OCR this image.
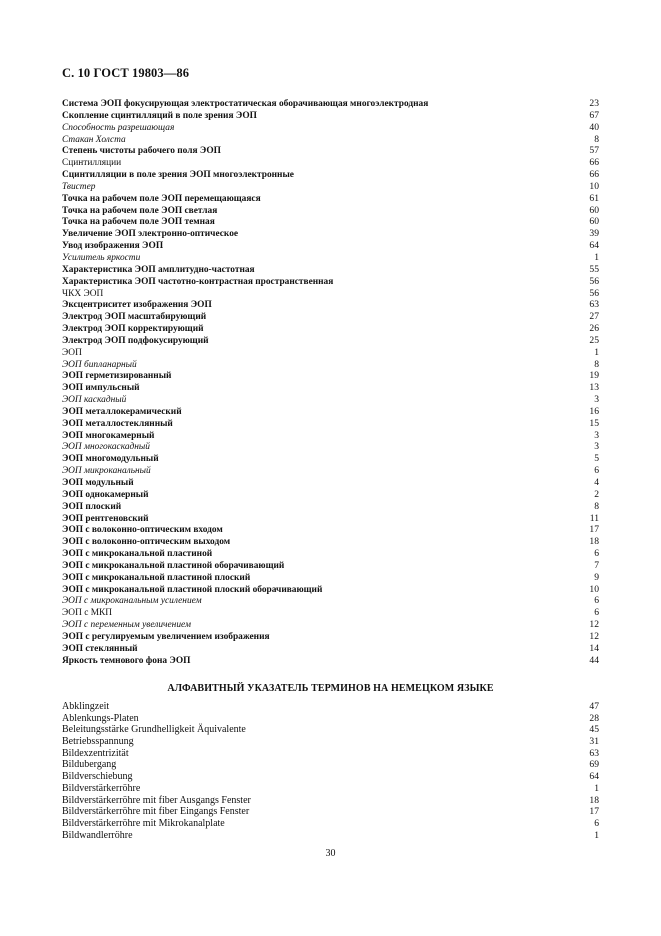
С. 10 ГОСТ 19803—86
Система ЭОП фокусирующая электростатическая оборачивающая многоэлектродная	23
Скопление сцинтилляций в поле зрения ЭОП	67
Способность разрешающая	40
Стакан Холста	8
Степень чистоты рабочего поля ЭОП	57
Сцинтилляции	66
Сцинтилляции в поле зрения ЭОП многоэлектронные	66
Твистер	10
Точка на рабочем поле ЭОП перемещающаяся	61
Точка на рабочем поле ЭОП светлая	60
Точка на рабочем поле ЭОП темная	60
Увеличение ЭОП электронно-оптическое	39
Увод изображения ЭОП	64
Усилитель яркости	1
Характеристика ЭОП амплитудно-частотная	55
Характеристика ЭОП частотно-контрастная пространственная	56
ЧКХ ЭОП	56
Эксцентриситет изображения ЭОП	63
Электрод ЭОП масштабирующий	27
Электрод ЭОП корректирующий	26
Электрод ЭОП подфокусирующий	25
ЭОП	1
ЭОП бипланарный	8
ЭОП герметизированный	19
ЭОП импульсный	13
ЭОП каскадный	3
ЭОП металлокерамический	16
ЭОП металлостеклянный	15
ЭОП многокамерный	3
ЭОП многокаскадный	3
ЭОП многомодульный	5
ЭОП микроканальный	6
ЭОП модульный	4
ЭОП однокамерный	2
ЭОП плоский	8
ЭОП рентгеновский	11
ЭОП с волоконно-оптическим входом	17
ЭОП с волоконно-оптическим выходом	18
ЭОП с микроканальной пластиной	6
ЭОП с микроканальной пластиной оборачивающий	7
ЭОП с микроканальной пластиной плоский	9
ЭОП с микроканальной пластиной плоский оборачивающий	10
ЭОП с микроканальным усилением	6
ЭОП с МКП	6
ЭОП с переменным увеличением	12
ЭОП с регулируемым увеличением изображения	12
ЭОП стеклянный	14
Яркость темнового фона ЭОП	44
АЛФАВИТНЫЙ УКАЗАТЕЛЬ ТЕРМИНОВ НА НЕМЕЦКОМ ЯЗЫКЕ
Abklingzeit	47
Ablenkungs-Platen	28
Beleitungsstärke Grundhelligkeit Äquivalente	45
Betriebsspannung	31
Bildexzentrizität	63
Bildubergang	69
Bildverschiebung	64
Bildverstärkerröhre	1
Bildverstärkerröhre mit fiber Ausgangs Fenster	18
Bildverstärkerröhre mit fiber Eingangs Fenster	17
Bildverstärkerröhre mit Mikrokanalplate	6
Bildwandlerröhre	1
30
